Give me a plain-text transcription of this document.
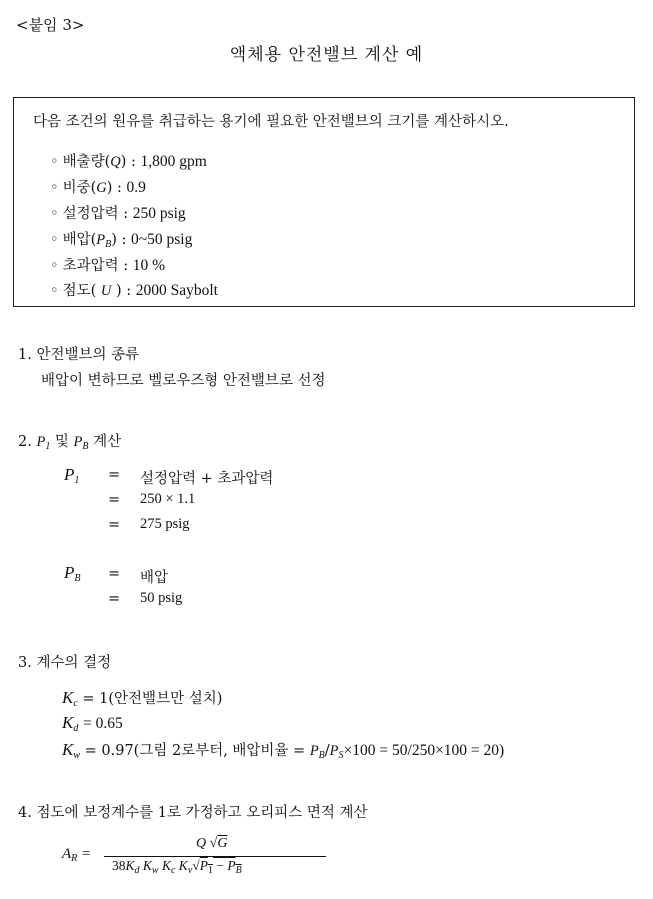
<붙임 3>
액체용 안전밸브 계산 예
다음 조건의 원유를 취급하는 용기에 필요한 안전밸브의 크기를 계산하시오.
◦ 배출량(Q) : 1,800 gpm
◦ 비중(G) : 0.9
◦ 설정압력 : 250 psig
◦ 배압$(P_B)$ : 0~50 psig
◦ 초과압력 : 10 %
◦ 점도( U ) : 2000 Saybolt
1. 안전밸브의 종류
배압이 변하므로 벨로우즈형 안전밸브로 선정
2. $P_1$ 및 $P_B$ 계산
$P_1$ = 설정압력 + 초과압력
= 250 × 1.1
= 275 psig
$P_B$ = 배압
= 50 psig
3. 계수의 결정
$K_c = 1$(안전밸브만 설치)
$K_d = 0.65$
$K_w = 0.97$(그림 2로부터, 배압비율 = $P_B/P_S\times 100 = 50/250\times 100 = 20$)
4. 점도에 보정계수를 1로 가정하고 오리피스 면적 계산
$A_R$ =
Q √G
$38K_d$ $K_w$ $K_c$ $K_v√P_1 - P_B$
